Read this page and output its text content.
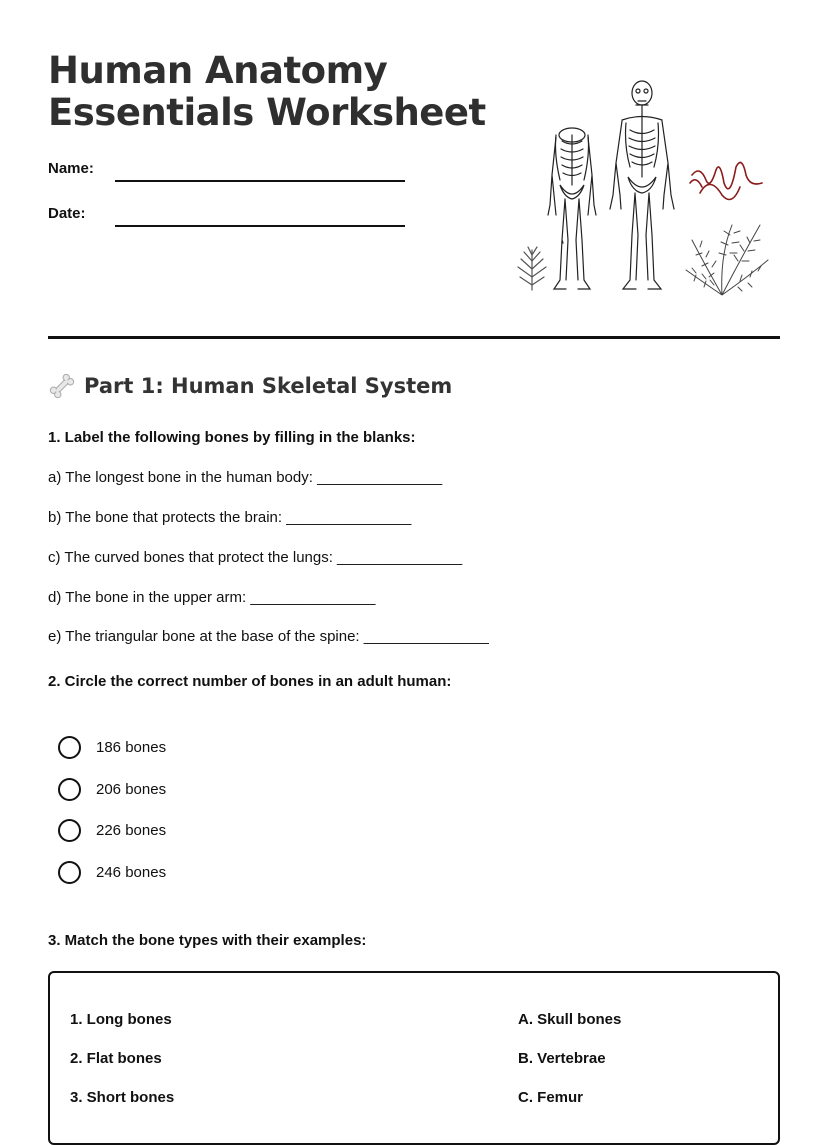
Human Anatomy
Essentials Worksheet
Name:
Date:
Part 1: Human Skeletal System

1. Label the following bones by filling in the blanks:

a) The longest bone in the human body: _______________
b) The bone that protects the brain: _______________
c) The curved bones that protect the lungs: _______________
d) The bone in the upper arm: _______________
e) The triangular bone at the base of the spine: _______________

2. Circle the correct number of bones in an adult human:

186 bones
206 bones
226 bones
246 bones

3. Match the bone types with their examples:

1. Long bones
2. Flat bones
3. Short bones
A. Skull bones
B. Vertebrae
C. Femur
